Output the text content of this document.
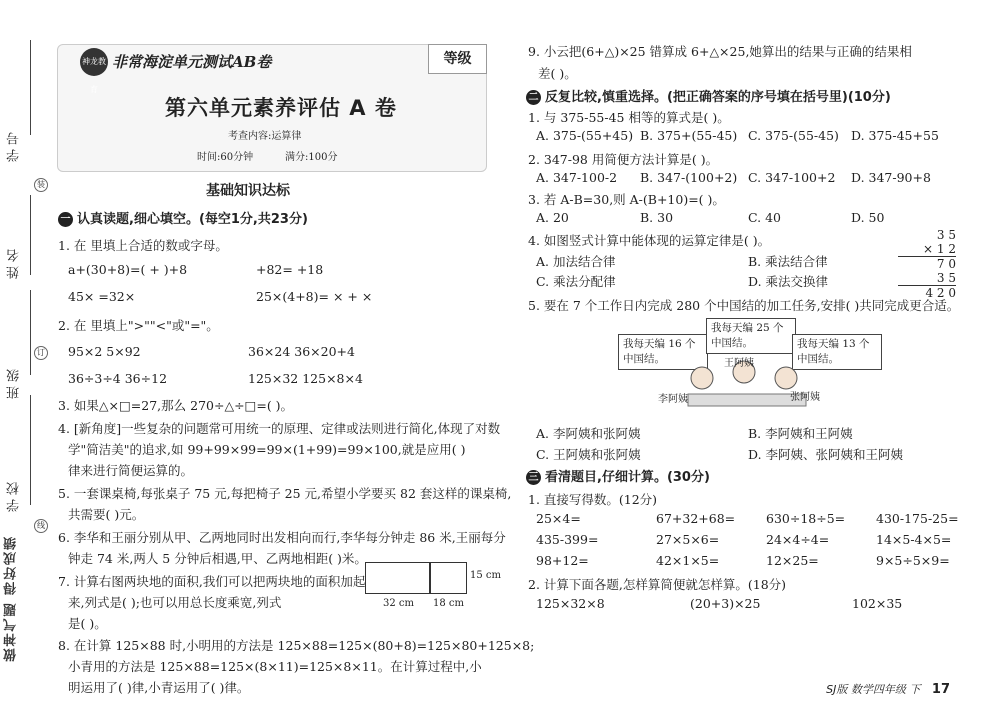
学号
装
姓名
订
班级
学校
线
做神气题 得好成绩
神龙教育
非常海淀单元测试AB卷	等级
第六单元素养评估 A 卷
考查内容:运算律
时间:60分钟	满分:100分
基础知识达标
一 认真读题,细心填空。(每空1分,共23分)
1. 在 里填上合适的数或字母。
a+(30+8)=( + )+8	+82= +18
45× =32×	25×(4+8)= × + ×
2. 在 里填上">""<"或"="。
95×2 5×92	36×24 36×20+4
36÷3÷4 36÷12	125×32 125×8×4
3. 如果△×□=27,那么 270÷△÷□=( )。
4. [新角度]一些复杂的问题常可用统一的原理、定律或法则进行简化,体现了对数
学"简洁美"的追求,如 99+99×99=99×(1+99)=99×100,就是应用( )
律来进行简便运算的。
5. 一套课桌椅,每张桌子 75 元,每把椅子 25 元,希望小学要买 82 套这样的课桌椅,
共需要( )元。
6. 李华和王丽分别从甲、乙两地同时出发相向而行,李华每分钟走 86 米,王丽每分
钟走 74 米,两人 5 分钟后相遇,甲、乙两地相距( )米。
7. 计算右图两块地的面积,我们可以把两块地的面积加起
来,列式是( );也可以用总长度乘宽,列式
是( )。
32 cm 18 cm
15 cm
8. 在计算 125×88 时,小明用的方法是 125×88=125×(80+8)=125×80+125×8;
小青用的方法是 125×88=125×(8×11)=125×8×11。在计算过程中,小
明运用了( )律,小青运用了( )律。
9. 小云把(6+△)×25 错算成 6+△×25,她算出的结果与正确的结果相
差( )。
二 反复比较,慎重选择。(把正确答案的序号填在括号里)(10分)
1. 与 375-55-45 相等的算式是( )。
A. 375-(55+45) B. 375+(55-45) C. 375-(55-45) D. 375-45+55
2. 347-98 用简便方法计算是( )。
A. 347-100-2 B. 347-(100+2) C. 347-100+2 D. 347-90+8
3. 若 A-B=30,则 A-(B+10)=( )。
A. 20	B. 30	C. 40	D. 50
4. 如图竖式计算中能体现的运算定律是( )。
A. 加法结合律	B. 乘法结合律
C. 乘法分配律	D. 乘法交换律
3 5
× 1 2
7 0
3 5
4 2 0
5. 要在 7 个工作日内完成 280 个中国结的加工任务,安排( )共同完成更合适。
我每天编 16 个中国结。
我每天编 25 个中国结。	我每天编 13 个中国结。
李阿姨
王阿姨
张阿姨
A. 李阿姨和张阿姨	B. 李阿姨和王阿姨
C. 王阿姨和张阿姨	D. 李阿姨、张阿姨和王阿姨
三 看清题目,仔细计算。(30分)
1. 直接写得数。(12分)
25×4=	67+32+68= 630÷18÷5= 430-175-25=
435-399=	27×5×6=	24×4÷4=	14×5-4×5=
98+12=	42×1×5=	12×25=	9×5÷5×9=
2. 计算下面各题,怎样算简便就怎样算。(18分)
125×32×8	(20+3)×25	102×35
SJ版 数学四年级 下 17
